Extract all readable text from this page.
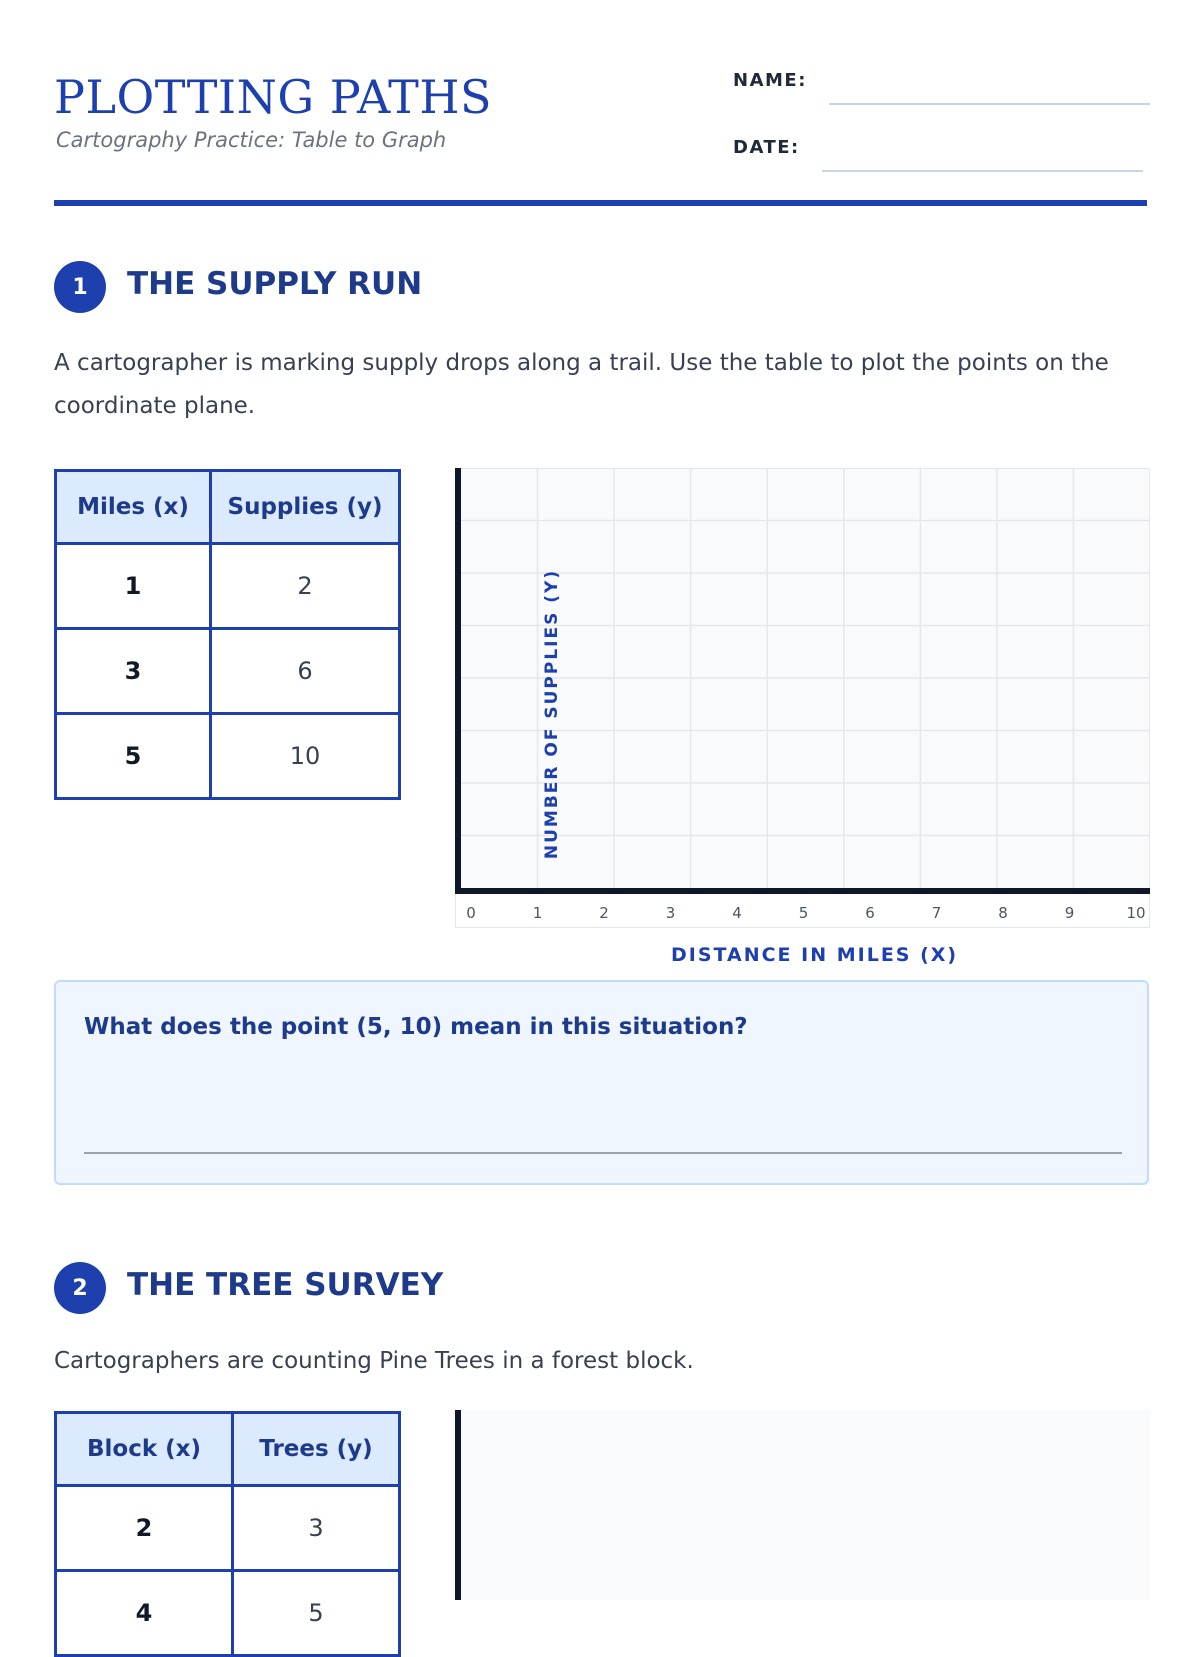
PLOTTING PATHS
Cartography Practice: Table to Graph
NAME:
DATE:
1	THE SUPPLY RUN
A cartographer is marking supply drops along a trail. Use the table to plot the points on the coordinate plane.
Miles (x)	Supplies (y)
1	2
3	6
5	10	NUMBER OF SUPPLIES (Y)
0	1	2	3	4	5	6	7	8	9	10
DISTANCE IN MILES (X)
What does the point (5, 10) mean in this situation?
2	THE TREE SURVEY
Cartographers are counting Pine Trees in a forest block.
Block (x)	Trees (y)
2	3
4	5
